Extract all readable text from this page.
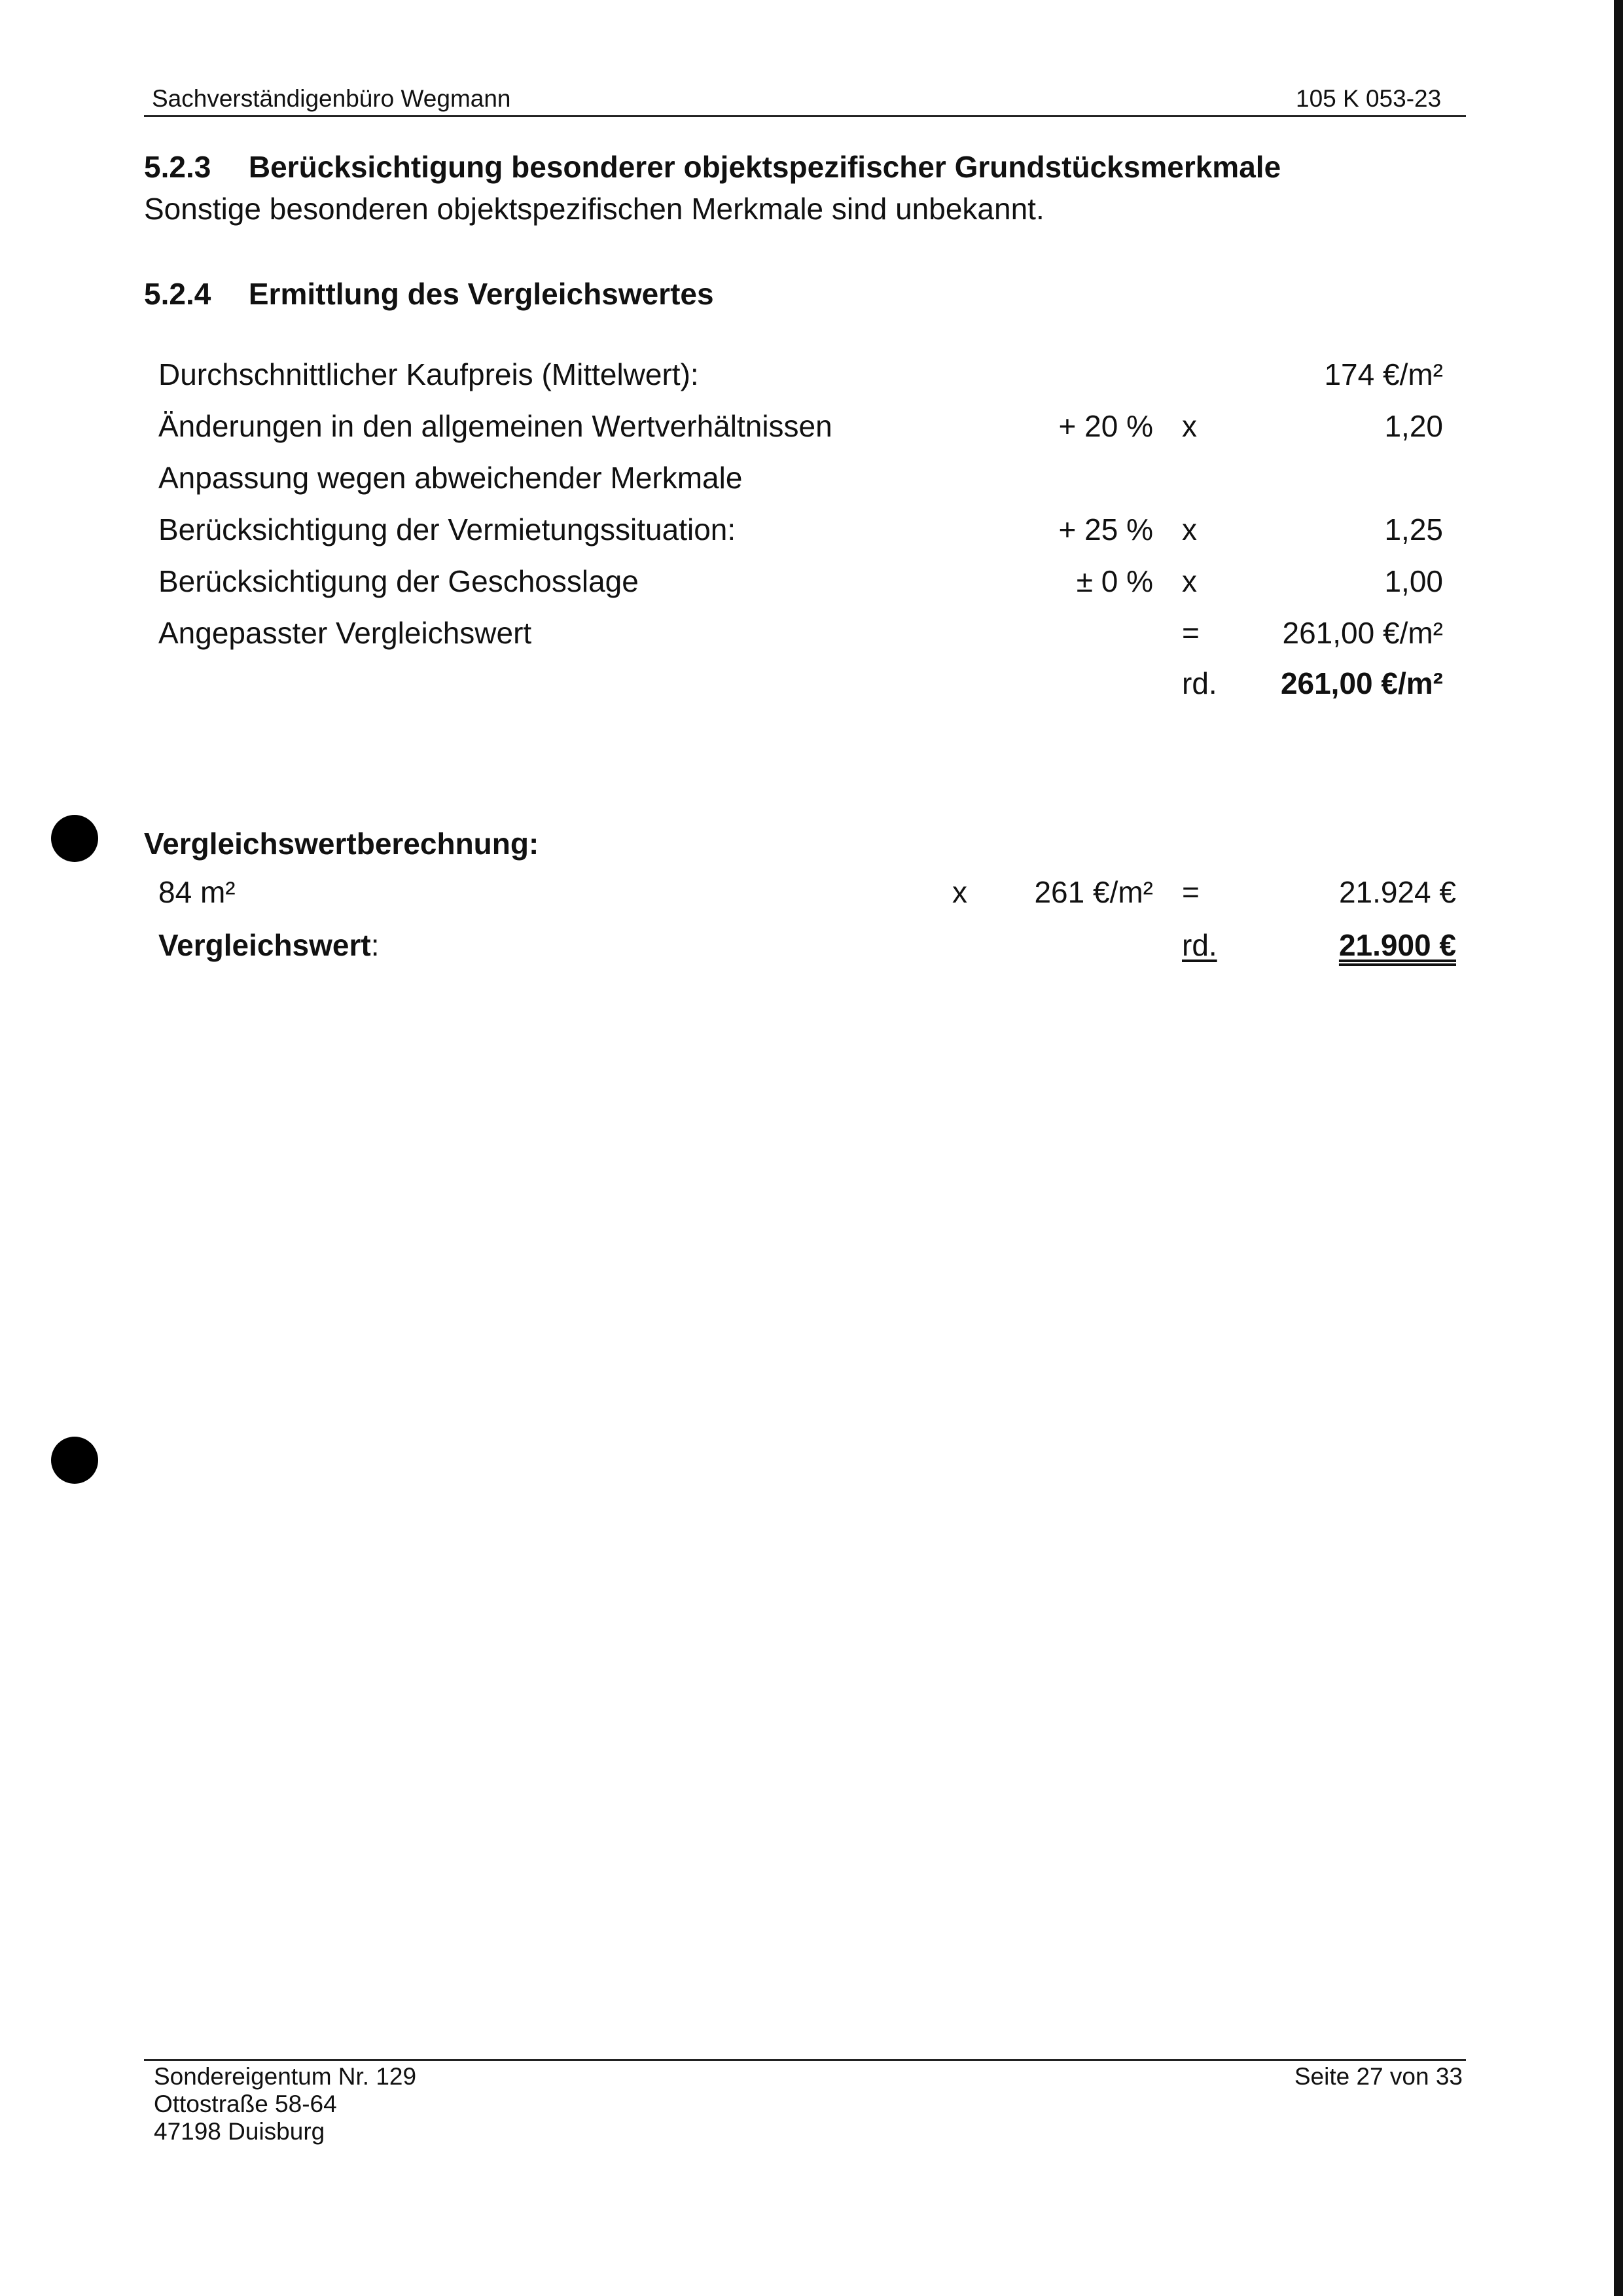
Sachverständigenbüro Wegmann	105 K 053-23
5.2.3 Berücksichtigung besonderer objektspezifischer Grundstücksmerkmale
Sonstige besonderen objektspezifischen Merkmale sind unbekannt.
5.2.4 Ermittlung des Vergleichswertes
Durchschnittlicher Kaufpreis (Mittelwert):	174 €/m²
Änderungen in den allgemeinen Wertverhältnissen	+ 20 % x	1,20
Anpassung wegen abweichender Merkmale
Berücksichtigung der Vermietungssituation:	+ 25 % x	1,25
Berücksichtigung der Geschosslage	± 0 % x	1,00
Angepasster Vergleichswert	=	261,00 €/m²
rd.	261,00 €/m²
Vergleichswertberechnung:
84 m²	x	261 €/m² =	21.924 €
Vergleichswert:	rd.	21.900 €
Sondereigentum Nr. 129
Ottostraße 58-64
47198 Duisburg
Seite 27 von 33
